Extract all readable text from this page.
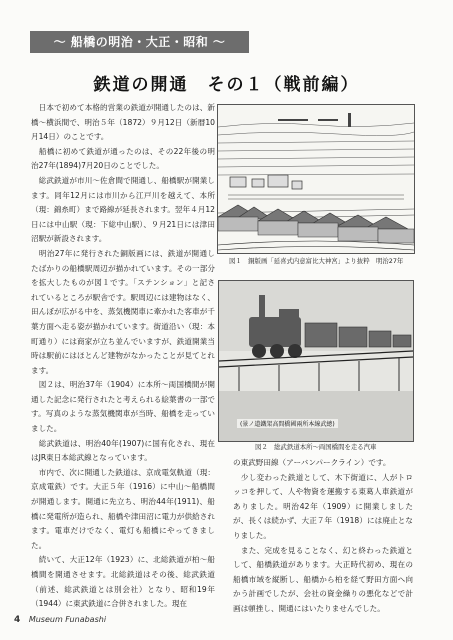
〜 船橋の明治・大正・昭和 〜
鉄道の開通　その１（戦前編）

　日本で初めて本格的営業の鉄道が開通したのは、新橋〜横浜間で、明治５年（1872）９月12日（新暦10月14日）のことです。

　船橋に初めて鉄道が通ったのは、その22年後の明治27年(1894)7月20日のことでした。

　総武鉄道が市川〜佐倉間で開通し、船橋駅が開業します。同年12月には市川から江戸川を越えて、本所（現：錦糸町）まで路線が延長されます。翌年４月12日には中山駅（現：下総中山駅）、９月21日には津田沼駅が新設されます。

　明治27年に発行された銅版画には、鉄道が開通したばかりの船橋駅周辺が描かれています。その一部分を拡大したものが図１です。「ステンション」と記されているところが駅舎です。駅周辺には建物はなく、田んぼが広がる中を、蒸気機関車に牽かれた客車が千葉方面へ走る姿が描かれています。街道沿い（現：本町通り）には商家が立ち並んでいますが、鉄道開業当時は駅前にはほとんど建物がなかったことが見てとれます。

　図２は、明治37年（1904）に本所〜両国橋間が開通した記念に発行されたと考えられる絵葉書の一部です。写真のような蒸気機関車が当時、船橋を走っていました。

　総武鉄道は、明治40年(1907)に国有化され、現在はJR東日本総武線となっています。

　市内で、次に開通した鉄道は、京成電気軌道（現：京成電鉄）です。大正５年（1916）に中山〜船橋間が開通します。開通に先立ち、明治44年(1911)、船橋に発電所が造られ、船橋や津田沼に電力が供給されます。電車だけでなく、電灯も船橋にやってきました。

　続いて、大正12年（1923）に、北総鉄道が柏〜船橋間を開通させます。北総鉄道はその後、総武鉄道（前述、総武鉄道とは別会社）となり、昭和19年（1944）に東武鉄道に合併されました。現在

図１　銅版画「延喜式内意富比大神宮」より抜粋　明治27年
(景ノ道鐵架高間橋國兩所本線武總)
図２　総武鉄道本所〜両国橋間を走る汽車

の東武野田線（アーバンパークライン）です。

　少し変わった鉄道として、木下街道に、人がトロッコを押して、人や物資を運搬する東葛人車鉄道がありました。明治42年（1909）に開業しましたが、長くは続かず、大正７年（1918）には廃止となりました。

　また、完成を見ることなく、幻と終わった鉄道として、船橋鉄道があります。大正時代初め、現在の船橋市域を縦断し、船橋から柏を経て野田方面へ向かう計画でしたが、会社の資金繰りの悪化などで計画は頓挫し、開通にはいたりませんでした。

4 Museum Funabashi
